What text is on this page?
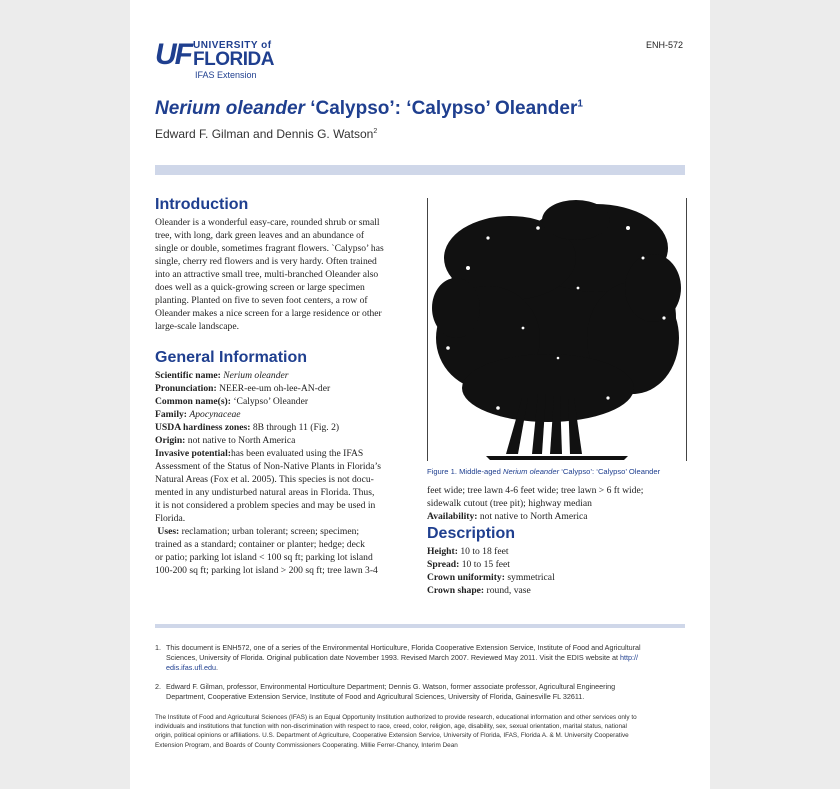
UF UNIVERSITY of
FLORIDA
IFAS Extension
ENH-572
Nerium oleander ‘Calypso’: ‘Calypso’ Oleander$^1$
Edward F. Gilman and Dennis G. Watson$^2$
Introduction

Oleander is a wonderful easy-care, rounded shrub or small

tree, with long, dark green leaves and an abundance of

single or double, sometimes fragrant flowers. `Calypso’ has

single, cherry red flowers and is very hardy. Often trained

into an attractive small tree, multi-branched Oleander also

does well as a quick-growing screen or large specimen

planting. Planted on five to seven foot centers, a row of

Oleander makes a nice screen for a large residence or other

large-scale landscape.

General Information
Scientific name: Nerium oleander
Pronunciation: NEER-ee-um oh-lee-AN-der
Common name(s): ‘Calypso’ Oleander
Family: Apocynaceae
USDA hardiness zones: 8B through 11 (Fig. 2)
Origin: not native to North America
Invasive potential:has been evaluated using the IFAS
Assessment of the Status of Non-Native Plants in Florida’s
Natural Areas (Fox et al. 2005). This species is not docu-
mented in any undisturbed natural areas in Florida. Thus,
it is not considered a problem species and may be used in
Florida.
Uses: reclamation; urban tolerant; screen; specimen;
trained as a standard; container or planter; hedge; deck
or patio; parking lot island < 100 sq ft; parking lot island
100-200 sq ft; parking lot island > 200 sq ft; tree lawn 3-4
Figure 1. Middle-aged Nerium oleander ‘Calypso’: ‘Calypso’ Oleander
feet wide; tree lawn 4-6 feet wide; tree lawn > 6 ft wide;
sidewalk cutout (tree pit); highway median
Availability: not native to North America
Description
Height: 10 to 18 feet
Spread: 10 to 15 feet
Crown uniformity: symmetrical
Crown shape: round, vase
1. This document is ENH572, one of a series of the Environmental Horticulture, Florida Cooperative Extension Service, Institute of Food and Agricultural
Sciences, University of Florida. Original publication date November 1993. Revised March 2007. Reviewed May 2011. Visit the EDIS website at http://
edis.ifas.ufl.edu.
2. Edward F. Gilman, professor, Environmental Horticulture Department; Dennis G. Watson, former associate professor, Agricultural Engineering
Department, Cooperative Extension Service, Institute of Food and Agricultural Sciences, University of Florida, Gainesville FL 32611.
The Institute of Food and Agricultural Sciences (IFAS) is an Equal Opportunity Institution authorized to provide research, educational information and other services only to
individuals and institutions that function with non-discrimination with respect to race, creed, color, religion, age, disability, sex, sexual orientation, marital status, national
origin, political opinions or affiliations. U.S. Department of Agriculture, Cooperative Extension Service, University of Florida, IFAS, Florida A. & M. University Cooperative
Extension Program, and Boards of County Commissioners Cooperating. Millie Ferrer-Chancy, Interim Dean
